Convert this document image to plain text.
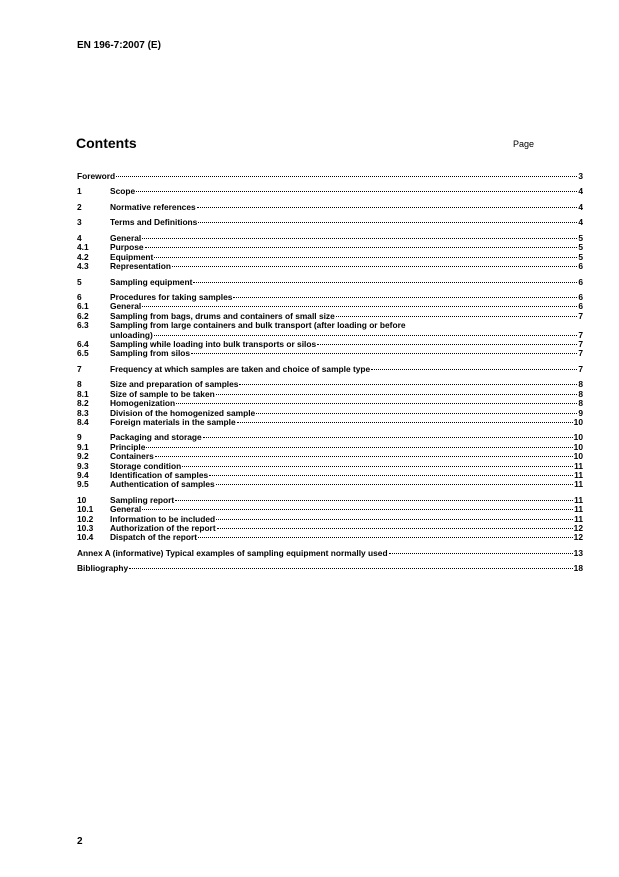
EN 196-7:2007 (E)
Contents	Page
Foreword	3
1	Scope	4
2	Normative references	4
3	Terms and Definitions	4
4	General	5
4.1	Purpose	5
4.2	Equipment	5
4.3	Representation	6
5	Sampling equipment	6
6	Procedures for taking samples	6
6.1	General	6
6.2	Sampling from bags, drums and containers of small size	7
6.3	Sampling from large containers and bulk transport (after loading or before
unloading)	7
6.4	Sampling while loading into bulk transports or silos	7
6.5	Sampling from silos	7
7	Frequency at which samples are taken and choice of sample type	7
8	Size and preparation of samples	8
8.1	Size of sample to be taken	8
8.2	Homogenization	8
8.3	Division of the homogenized sample	9
8.4	Foreign materials in the sample	10
9	Packaging and storage	10
9.1	Principle	10
9.2	Containers	10
9.3	Storage condition	11
9.4	Identification of samples	11
9.5	Authentication of samples	11
10	Sampling report	11
10.1	General	11
10.2	Information to be included	11
10.3	Authorization of the report	12
10.4	Dispatch of the report	12
Annex A (informative) Typical examples of sampling equipment normally used	13
Bibliography	18
2
